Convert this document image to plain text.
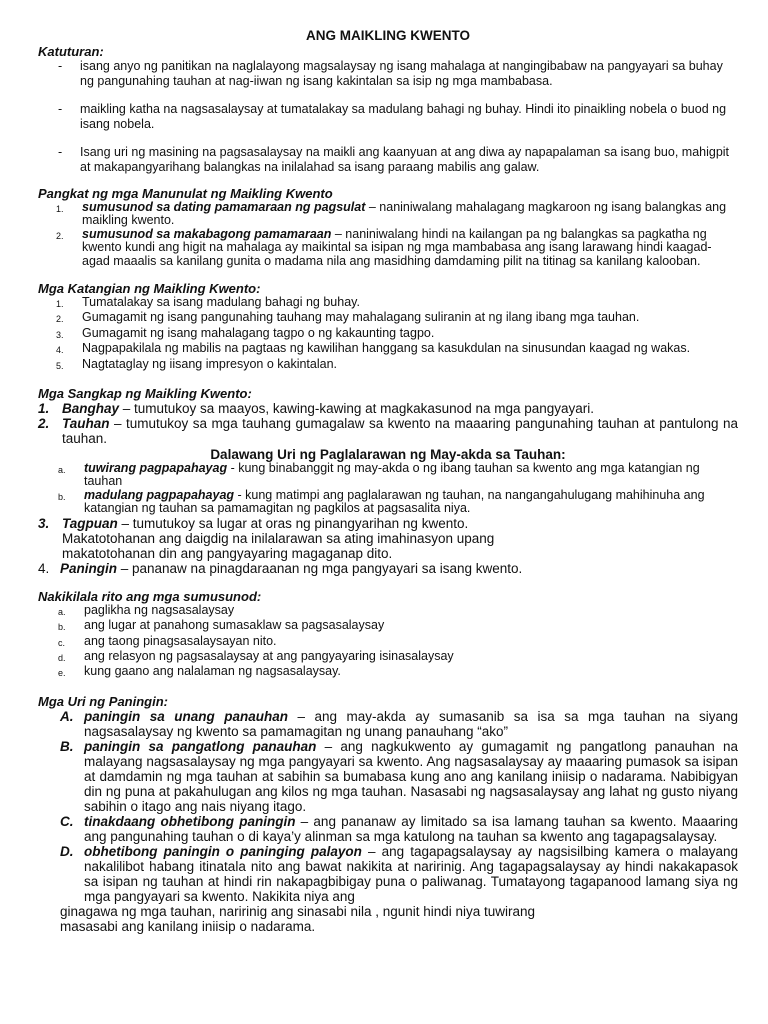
ANG MAIKLING KWENTO
Katuturan:
-	isang anyo ng panitikan na naglalayong magsalaysay ng isang mahalaga at nangingibabaw na pangyayari sa buhay ng pangunahing tauhan at nag-iiwan ng isang kakintalan sa isip ng mga mambabasa.
-	maikling katha na nagsasalaysay at tumatalakay sa madulang bahagi ng buhay. Hindi ito pinaikling nobela o buod ng isang nobela.
-	Isang uri ng masining na pagsasalaysay na maikli ang kaanyuan at ang diwa ay napapalaman sa isang buo, mahigpit at makapangyarihang balangkas na inilalahad sa isang paraang mabilis ang galaw.
Pangkat ng mga Manunulat ng Maikling Kwento
1.	sumusunod sa dating pamamaraan ng pagsulat – naniniwalang mahalagang magkaroon ng isang balangkas ang maikling kwento.
2.	sumusunod sa makabagong pamamaraan – naniniwalang hindi na kailangan pa ng balangkas sa pagkatha ng kwento kundi ang higit na mahalaga ay maikintal sa isipan ng mga mambabasa ang isang larawang hindi kaagad-agad maaalis sa kanilang gunita o madama nila ang masidhing damdaming pilit na titinag sa kanilang kalooban.
Mga Katangian ng Maikling Kwento:
1.	Tumatalakay sa isang madulang bahagi ng buhay.
2.	Gumagamit ng isang pangunahing tauhang may mahalagang suliranin at ng ilang ibang mga tauhan.
3.	Gumagamit ng isang mahalagang tagpo o ng kakaunting tagpo.
4.	Nagpapakilala ng mabilis na pagtaas ng kawilihan hanggang sa kasukdulan na sinusundan kaagad ng wakas.
5.	Nagtataglay ng iisang impresyon o kakintalan.
Mga Sangkap ng Maikling Kwento:
1. Banghay – tumutukoy sa maayos, kawing-kawing at magkakasunod na mga pangyayari.
2. Tauhan – tumutukoy sa mga tauhang gumagalaw sa kwento na maaaring pangunahing tauhan at pantulong na tauhan.
Dalawang Uri ng Paglalarawan ng May-akda sa Tauhan:
a.	tuwirang pagpapahayag - kung binabanggit ng may-akda o ng ibang tauhan sa kwento ang mga katangian ng tauhan
b.	madulang pagpapahayag - kung matimpi ang paglalarawan ng tauhan, na nangangahulugang mahihinuha ang katangian ng tauhan sa pamamagitan ng pagkilos at pagsasalita niya.
3. Tagpuan – tumutukoy sa lugar at oras ng pinangyarihan ng kwento.
Makatotohanan ang daigdig na inilalarawan sa ating imahinasyon upang
makatotohanan din ang pangyayaring magaganap dito.
4. Paningin – pananaw na pinagdaraanan ng mga pangyayari sa isang kwento.
Nakikilala rito ang mga sumusunod:
a.	paglikha ng nagsasalaysay
b.	ang lugar at panahong sumasaklaw sa pagsasalaysay
c.	ang taong pinagsasalaysayan nito.
d.	ang relasyon ng pagsasalaysay at ang pangyayaring isinasalaysay
e.	kung gaano ang nalalaman ng nagsasalaysay.
Mga Uri ng Paningin:
A. paningin sa unang panauhan – ang may-akda ay sumasanib sa isa sa mga tauhan na siyang nagsasalaysay ng kwento sa pamamagitan ng unang panauhang “ako”
B. paningin sa pangatlong panauhan – ang nagkukwento ay gumagamit ng pangatlong panauhan na malayang nagsasalaysay ng mga pangyayari sa kwento. Ang nagsasalaysay ay maaaring pumasok sa isipan at damdamin ng mga tauhan at sabihin sa bumabasa kung ano ang kanilang iniisip o nadarama. Nabibigyan din ng puna at pakahulugan ang kilos ng mga tauhan. Nasasabi ng nagsasalaysay ang lahat ng gusto niyang sabihin o itago ang nais niyang itago.
C. tinakdaang obhetibong paningin – ang pananaw ay limitado sa isa lamang tauhan sa kwento. Maaaring ang pangunahing tauhan o di kaya’y alinman sa mga katulong na tauhan sa kwento ang tagapagsalaysay.
D. obhetibong paningin o paninging palayon – ang tagapagsalaysay ay nagsisilbing kamera o malayang nakalilibot habang itinatala nito ang bawat nakikita at naririnig. Ang tagapagsalaysay ay hindi nakakapasok sa isipan ng tauhan at hindi rin nakapagbibigay puna o paliwanag. Tumatayong tagapanood lamang siya ng mga pangyayari sa kwento. Nakikita niya ang
ginagawa ng mga tauhan, naririnig ang sinasabi nila , ngunit hindi niya tuwirang
masasabi ang kanilang iniisip o nadarama.
